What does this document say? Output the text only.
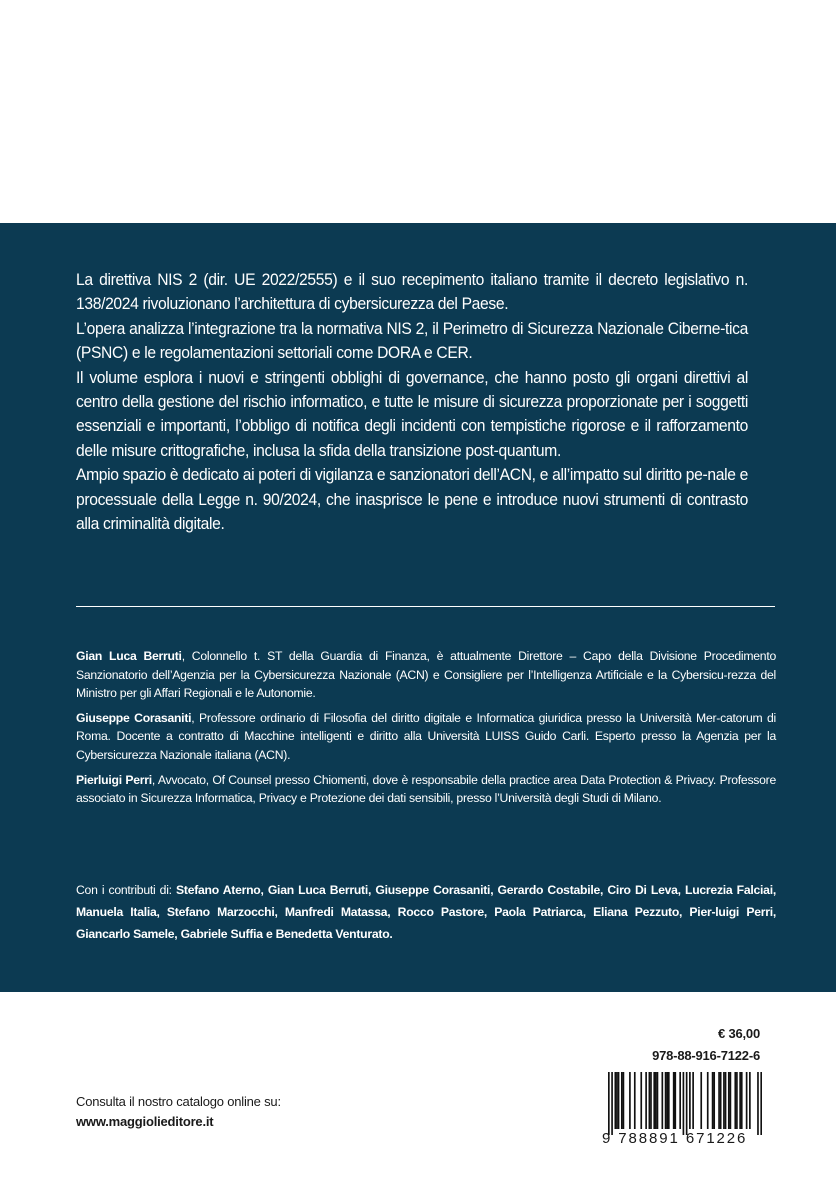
La direttiva NIS 2 (dir. UE 2022/2555) e il suo recepimento italiano tramite il decreto legislativo n. 138/2024 rivoluzionano l’architettura di cybersicurezza del Paese.

L’opera analizza l’integrazione tra la normativa NIS 2, il Perimetro di Sicurezza Nazionale Ciberne-tica (PSNC) e le regolamentazioni settoriali come DORA e CER.

Il volume esplora i nuovi e stringenti obblighi di governance, che hanno posto gli organi direttivi al centro della gestione del rischio informatico, e tutte le misure di sicurezza proporzionate per i soggetti essenziali e importanti, l’obbligo di notifica degli incidenti con tempistiche rigorose e il rafforzamento delle misure crittografiche, inclusa la sfida della transizione post-quantum.

Ampio spazio è dedicato ai poteri di vigilanza e sanzionatori dell’ACN, e all’impatto sul diritto pe-nale e processuale della Legge n. 90/2024, che inasprisce le pene e introduce nuovi strumenti di contrasto alla criminalità digitale.

Gian Luca Berruti, Colonnello t. ST della Guardia di Finanza, è attualmente Direttore – Capo della Divisione Procedimento Sanzionatorio dell’Agenzia per la Cybersicurezza Nazionale (ACN) e Consigliere per l’Intelligenza Artificiale e la Cybersicu-rezza del Ministro per gli Affari Regionali e le Autonomie.

Giuseppe Corasaniti, Professore ordinario di Filosofia del diritto digitale e Informatica giuridica presso la Università Mer-catorum di Roma. Docente a contratto di Macchine intelligenti e diritto alla Università LUISS Guido Carli. Esperto presso la Agenzia per la Cybersicurezza Nazionale italiana (ACN).

Pierluigi Perri, Avvocato, Of Counsel presso Chiomenti, dove è responsabile della practice area Data Protection & Privacy. Professore associato in Sicurezza Informatica, Privacy e Protezione dei dati sensibili, presso l’Università degli Studi di Milano.

Con i contributi di: Stefano Aterno, Gian Luca Berruti, Giuseppe Corasaniti, Gerardo Costabile, Ciro Di Leva, Lucrezia Falciai, Manuela Italia, Stefano Marzocchi, Manfredi Matassa, Rocco Pastore, Paola Patriarca, Eliana Pezzuto, Pier-luigi Perri, Giancarlo Samele, Gabriele Suffia e Benedetta Venturato.

€ 36,00
978-88-916-7122-6
Consulta il nostro catalogo online su:
www.maggiolieditore.it
9 788891 671226
